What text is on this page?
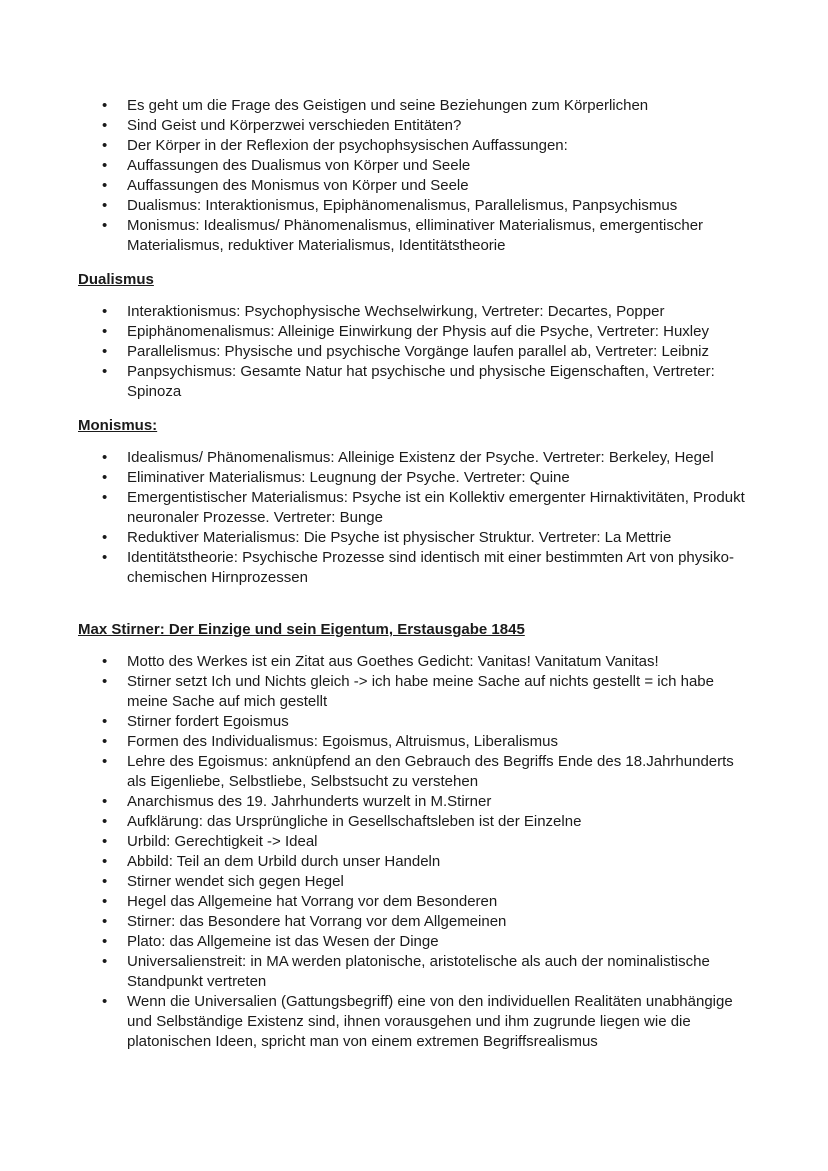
•	Es geht um die Frage des Geistigen und seine Beziehungen zum Körperlichen
•	Sind Geist und Körperzwei verschieden Entitäten?
•	Der Körper in der Reflexion der psychophsysischen Auffassungen:
•	Auffassungen des Dualismus von Körper und Seele
•	Auffassungen des Monismus von Körper und Seele
•	Dualismus: Interaktionismus, Epiphänomenalismus, Parallelismus, Panpsychismus
•	Monismus: Idealismus/ Phänomenalismus, elliminativer Materialismus, emergentischer Materialismus, reduktiver Materialismus, Identitätstheorie
Dualismus
•	Interaktionismus: Psychophysische Wechselwirkung, Vertreter: Decartes, Popper
•	Epiphänomenalismus: Alleinige Einwirkung der Physis auf die Psyche, Vertreter: Huxley
•	Parallelismus: Physische und psychische Vorgänge laufen parallel ab, Vertreter: Leibniz
•	Panpsychismus: Gesamte Natur hat psychische und physische Eigenschaften, Vertreter: Spinoza
Monismus:
•	Idealismus/ Phänomenalismus: Alleinige Existenz der Psyche. Vertreter: Berkeley, Hegel
•	Eliminativer Materialismus: Leugnung der Psyche. Vertreter: Quine
•	Emergentistischer Materialismus: Psyche ist ein Kollektiv emergenter Hirnaktivitäten, Produkt neuronaler Prozesse. Vertreter: Bunge
•	Reduktiver Materialismus: Die Psyche ist physischer Struktur. Vertreter: La Mettrie
•	Identitätstheorie: Psychische Prozesse sind identisch mit einer bestimmten Art von physiko-chemischen Hirnprozessen
Max Stirner: Der Einzige und sein Eigentum, Erstausgabe 1845
•	Motto des Werkes ist ein Zitat aus Goethes Gedicht: Vanitas! Vanitatum Vanitas!
•	Stirner setzt Ich und Nichts gleich -> ich habe meine Sache auf nichts gestellt = ich habe meine Sache auf mich gestellt
•	Stirner fordert Egoismus
•	Formen des Individualismus: Egoismus, Altruismus, Liberalismus
•	Lehre des Egoismus: anknüpfend an den Gebrauch des Begriffs Ende des 18.Jahrhunderts als Eigenliebe, Selbstliebe, Selbstsucht zu verstehen
•	Anarchismus des 19. Jahrhunderts wurzelt in M.Stirner
•	Aufklärung: das Ursprüngliche in Gesellschaftsleben ist der Einzelne
•	Urbild: Gerechtigkeit -> Ideal
•	Abbild: Teil an dem Urbild durch unser Handeln
•	Stirner wendet sich gegen Hegel
•	Hegel das Allgemeine hat Vorrang vor dem Besonderen
•	Stirner: das Besondere hat Vorrang vor dem Allgemeinen
•	Plato: das Allgemeine ist das Wesen der Dinge
•	Universalienstreit: in MA werden platonische, aristotelische als auch der nominalistische Standpunkt vertreten
•	Wenn die Universalien (Gattungsbegriff) eine von den individuellen Realitäten unabhängige und Selbständige Existenz sind, ihnen vorausgehen und ihm zugrunde liegen wie die platonischen Ideen, spricht man von einem extremen Begriffsrealismus
